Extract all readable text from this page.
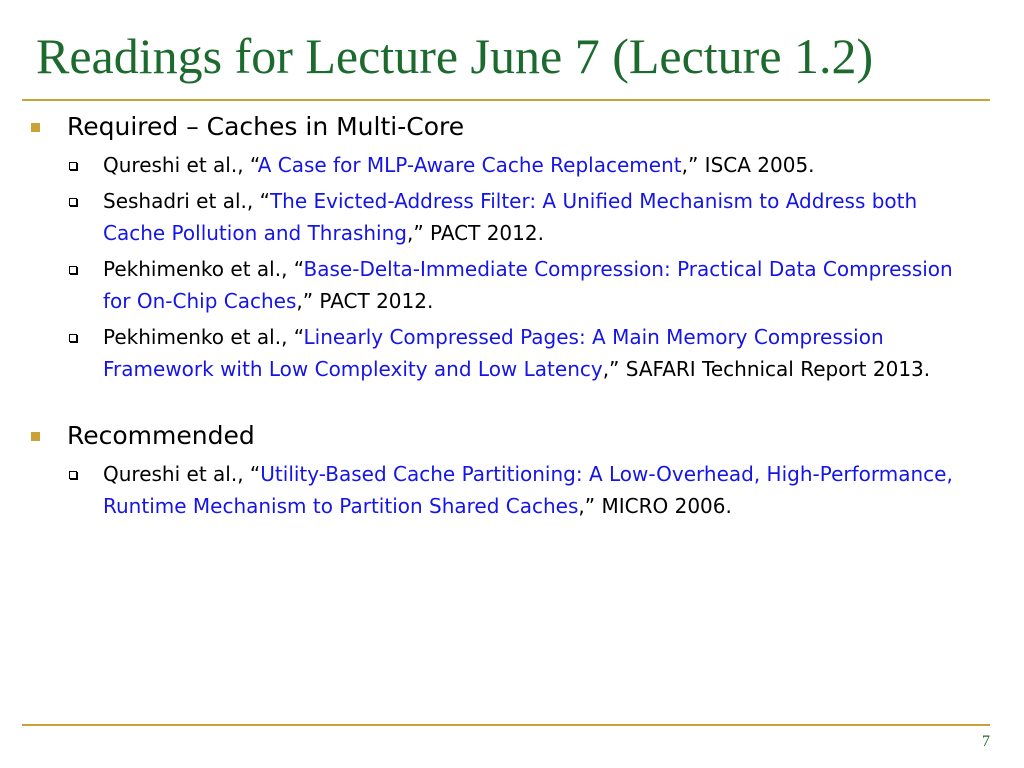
Readings for Lecture June 7 (Lecture 1.2)
Required – Caches in Multi-Core
Qureshi et al., “A Case for MLP-Aware Cache Replacement,” ISCA 2005.
Seshadri et al., “The Evicted-Address Filter: A Unified Mechanism to Address both Cache Pollution and Thrashing,” PACT 2012.
Pekhimenko et al., “Base-Delta-Immediate Compression: Practical Data Compression for On-Chip Caches,” PACT 2012.
Pekhimenko et al., “Linearly Compressed Pages: A Main Memory Compression Framework with Low Complexity and Low Latency,” SAFARI Technical Report 2013.
Recommended
Qureshi et al., “Utility-Based Cache Partitioning: A Low-Overhead, High-Performance, Runtime Mechanism to Partition Shared Caches,” MICRO 2006.
7
